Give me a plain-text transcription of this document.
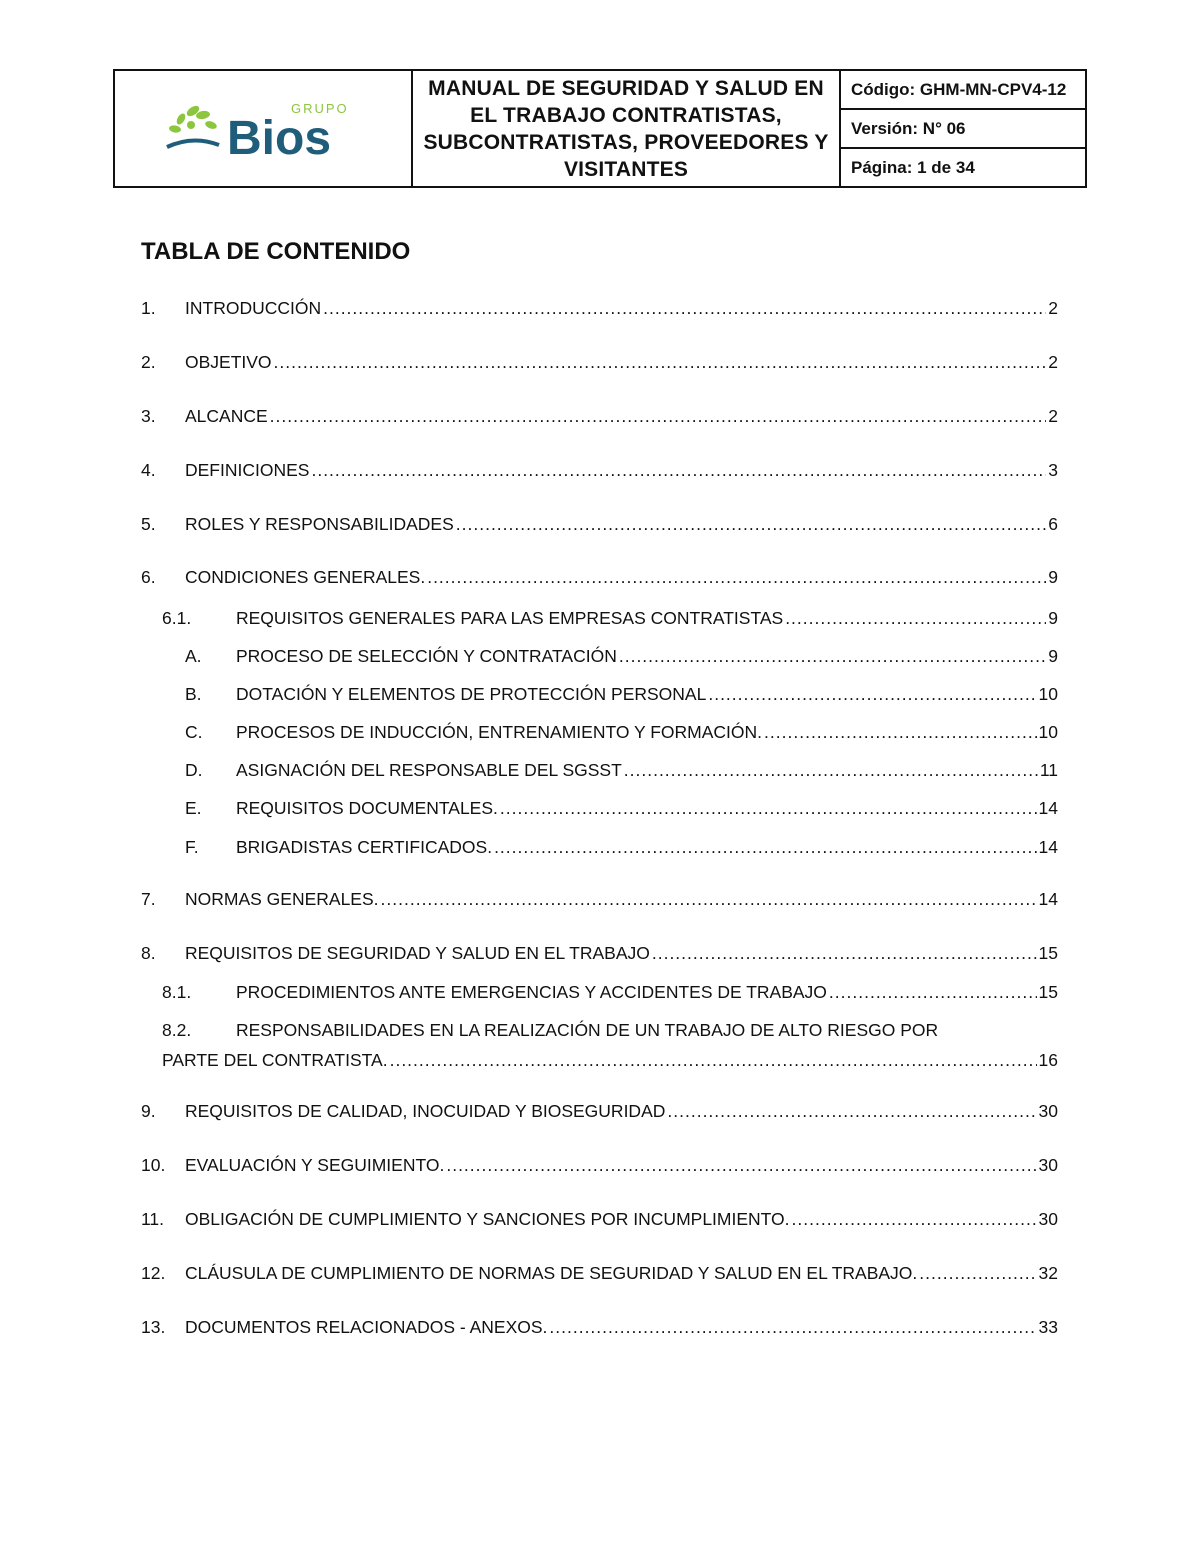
Bios
GRUPO
MANUAL DE SEGURIDAD Y SALUD EN EL TRABAJO CONTRATISTAS, SUBCONTRATISTAS, PROVEEDORES Y VISITANTES
Código: GHM-MN-CPV4-12
Versión: N° 06
Página: 1 de 34
TABLA DE CONTENIDO
1.	INTRODUCCIÓN .....	2
2.	OBJETIVO .....	2
3.	ALCANCE .....	2
4.	DEFINICIONES .....	3
5.	ROLES Y RESPONSABILIDADES .....	6
6.	CONDICIONES GENERALES. .....	9
6.1.	REQUISITOS GENERALES PARA LAS EMPRESAS CONTRATISTAS .....	9
A.	PROCESO DE SELECCIÓN Y CONTRATACIÓN .....	9
B.	DOTACIÓN Y ELEMENTOS DE PROTECCIÓN PERSONAL .....	10
C.	PROCESOS DE INDUCCIÓN, ENTRENAMIENTO Y FORMACIÓN. .....	10
D.	ASIGNACIÓN DEL RESPONSABLE DEL SGSST .....	11
E.	REQUISITOS DOCUMENTALES. .....	14
F.	BRIGADISTAS CERTIFICADOS. .....	14
7.	NORMAS GENERALES. .....	14
8.	REQUISITOS DE SEGURIDAD Y SALUD EN EL TRABAJO .....	15
8.1.	PROCEDIMIENTOS ANTE EMERGENCIAS Y ACCIDENTES DE TRABAJO .....	15
8.2.	RESPONSABILIDADES EN LA REALIZACIÓN DE UN TRABAJO DE ALTO RIESGO POR
PARTE DEL CONTRATISTA. .....	16
9.	REQUISITOS DE CALIDAD, INOCUIDAD Y BIOSEGURIDAD .....	30
10.	EVALUACIÓN Y SEGUIMIENTO. .....	30
11.	OBLIGACIÓN DE CUMPLIMIENTO Y SANCIONES POR INCUMPLIMIENTO. .....	30
12.	CLÁUSULA DE CUMPLIMIENTO DE NORMAS DE SEGURIDAD Y SALUD EN EL TRABAJO. .....	32
13.	DOCUMENTOS RELACIONADOS - ANEXOS. .....	33
